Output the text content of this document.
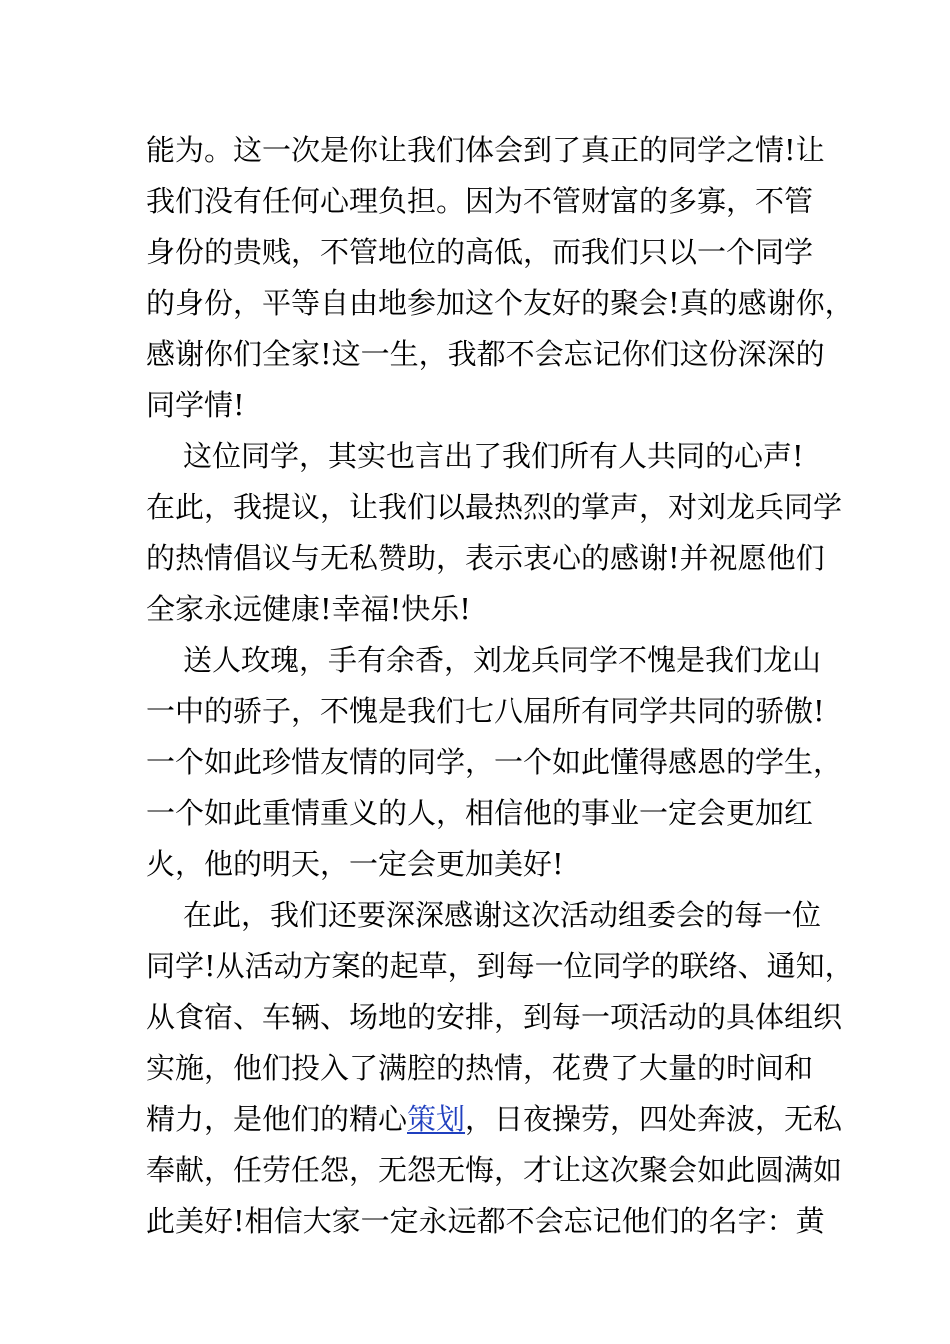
能为。这一次是你让我们体会到了真正的同学之情!让
我们没有任何心理负担。因为不管财富的多寡，不管
身份的贵贱，不管地位的高低，而我们只以一个同学
的身份，平等自由地参加这个友好的聚会!真的感谢你，
感谢你们全家!这一生，我都不会忘记你们这份深深的
同学情!
这位同学，其实也言出了我们所有人共同的心声!
在此，我提议，让我们以最热烈的掌声，对刘龙兵同学
的热情倡议与无私赞助，表示衷心的感谢!并祝愿他们
全家永远健康!幸福!快乐!
送人玫瑰，手有余香，刘龙兵同学不愧是我们龙山
一中的骄子，不愧是我们七八届所有同学共同的骄傲!
一个如此珍惜友情的同学，一个如此懂得感恩的学生，
一个如此重情重义的人，相信他的事业一定会更加红
火，他的明天，一定会更加美好!
在此，我们还要深深感谢这次活动组委会的每一位
同学!从活动方案的起草，到每一位同学的联络、通知，
从食宿、车辆、场地的安排，到每一项活动的具体组织
实施，他们投入了满腔的热情，花费了大量的时间和
精力，是他们的精心策划，日夜操劳，四处奔波，无私
奉献，任劳任怨，无怨无悔，才让这次聚会如此圆满如
此美好!相信大家一定永远都不会忘记他们的名字：黄
